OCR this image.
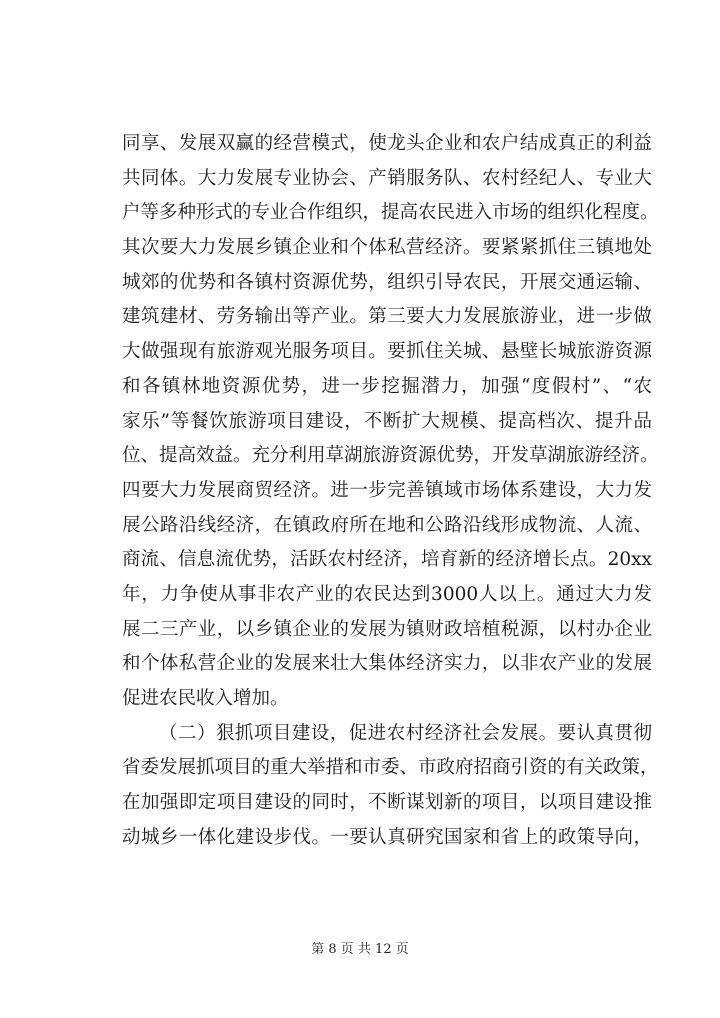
同享、发展双赢的经营模式，使龙头企业和农户结成真正的利益
共同体。大力发展专业协会、产销服务队、农村经纪人、专业大
户等多种形式的专业合作组织，提高农民进入市场的组织化程度。
其次要大力发展乡镇企业和个体私营经济。要紧紧抓住三镇地处
城郊的优势和各镇村资源优势，组织引导农民，开展交通运输、
建筑建材、劳务输出等产业。第三要大力发展旅游业，进一步做
大做强现有旅游观光服务项目。要抓住关城、悬壁长城旅游资源
和各镇林地资源优势，进一步挖掘潜力，加强“度假村”、“农
家乐”等餐饮旅游项目建设，不断扩大规模、提高档次、提升品
位、提高效益。充分利用草湖旅游资源优势，开发草湖旅游经济。
四要大力发展商贸经济。进一步完善镇域市场体系建设，大力发
展公路沿线经济，在镇政府所在地和公路沿线形成物流、人流、
商流、信息流优势，活跃农村经济，培育新的经济增长点。20xx
年，力争使从事非农产业的农民达到3000人以上。通过大力发
展二三产业，以乡镇企业的发展为镇财政培植税源，以村办企业
和个体私营企业的发展来壮大集体经济实力，以非农产业的发展
促进农民收入增加。
（二）狠抓项目建设，促进农村经济社会发展。要认真贯彻
省委发展抓项目的重大举措和市委、市政府招商引资的有关政策，
在加强即定项目建设的同时，不断谋划新的项目，以项目建设推
动城乡一体化建设步伐。一要认真研究国家和省上的政策导向，
第 8 页 共 12 页
